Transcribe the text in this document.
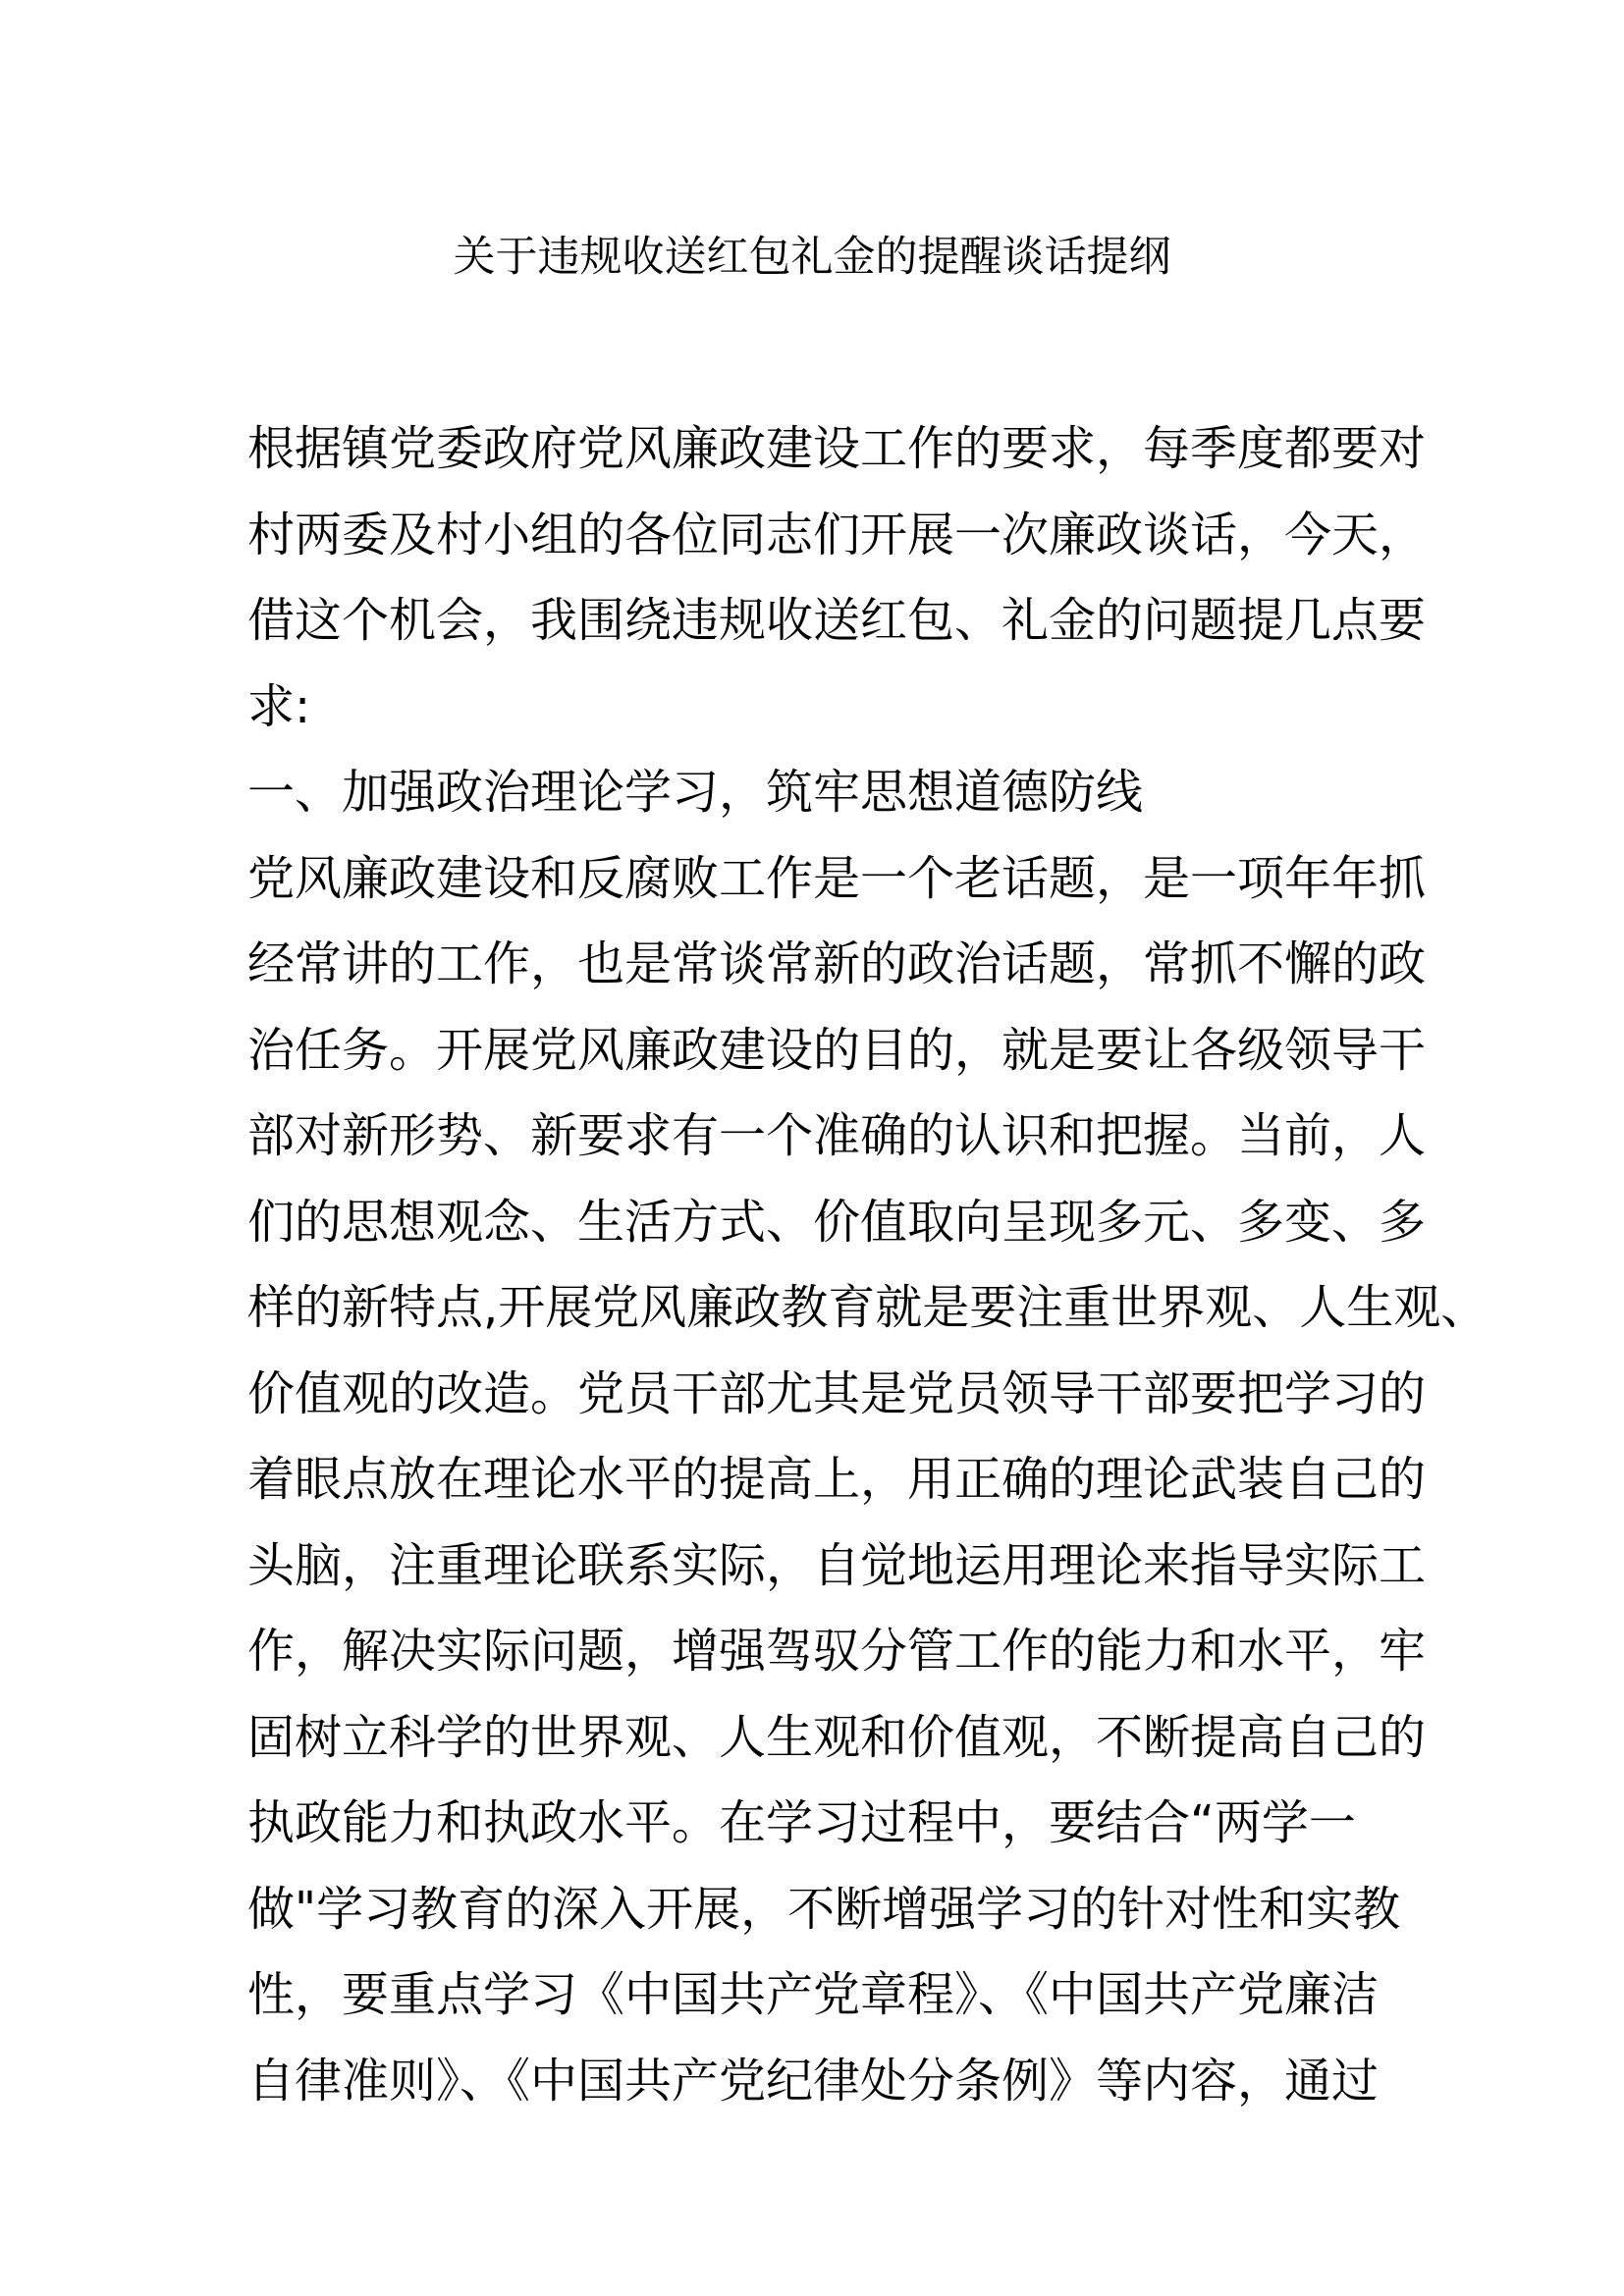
关于违规收送红包礼金的提醒谈话提纲
根据镇党委政府党风廉政建设工作的要求，每季度都要对
村两委及村小组的各位同志们开展一次廉政谈话，今天，
借这个机会，我围绕违规收送红包、礼金的问题提几点要
求:
一、加强政治理论学习，筑牢思想道德防线
党风廉政建设和反腐败工作是一个老话题，是一项年年抓
经常讲的工作，也是常谈常新的政治话题，常抓不懈的政
治任务。开展党风廉政建设的目的，就是要让各级领导干
部对新形势、新要求有一个准确的认识和把握。当前，人
们的思想观念、生活方式、价值取向呈现多元、多变、多
样的新特点,开展党风廉政教育就是要注重世界观、人生观、
价值观的改造。党员干部尤其是党员领导干部要把学习的
着眼点放在理论水平的提高上，用正确的理论武装自己的
头脑，注重理论联系实际，自觉地运用理论来指导实际工
作，解决实际问题，增强驾驭分管工作的能力和水平，牢
固树立科学的世界观、人生观和价值观，不断提高自己的
执政能力和执政水平。在学习过程中，要结合“两学一
做"学习教育的深入开展，不断增强学习的针对性和实教
性，要重点学习《中国共产党章程》、《中国共产党廉洁
自律准则》、《中国共产党纪律处分条例》等内容，通过
